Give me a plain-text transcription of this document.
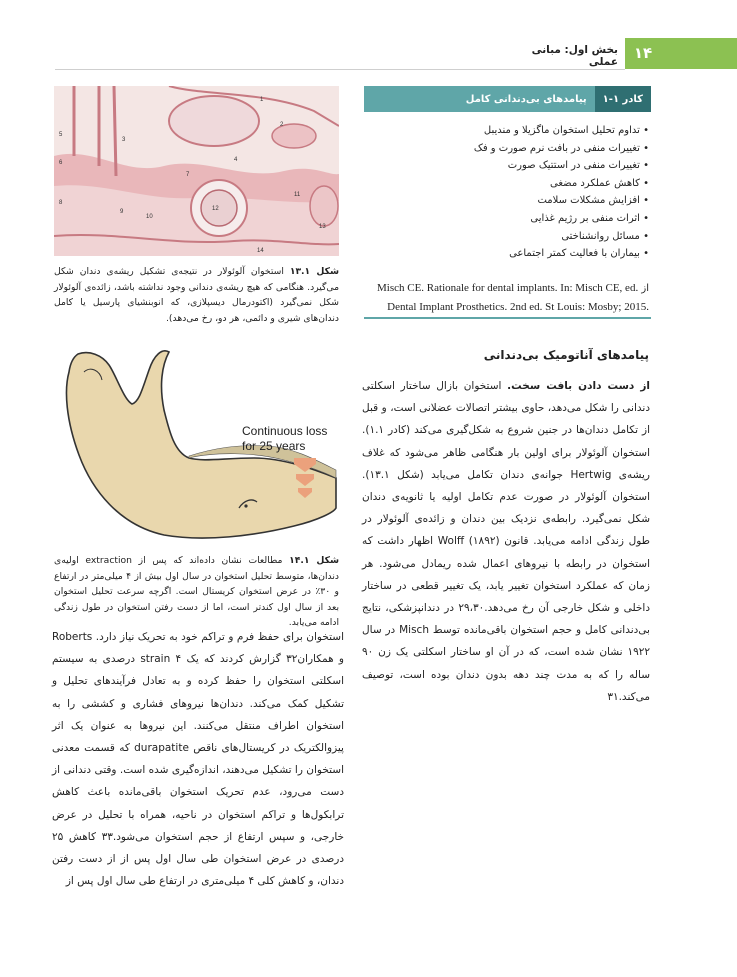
۱۴
بخش اول: مبانی عملی
کادر ۱-۱
پیامدهای بی‌دندانی کامل
• تداوم تحلیل استخوان ماگزیلا و مندیبل
• تغییرات منفی در بافت نرم صورت و فک
• تغییرات منفی در استتیک صورت
• کاهش عملکرد مضغی
• افزایش مشکلات سلامت
• اثرات منفی بر رژیم غذایی
• مسائل روانشناختی
• بیماران با فعالیت کمتر اجتماعی
از Misch CE. Rationale for dental implants. In: Misch CE, ed. Dental Implant Prosthetics. 2nd ed. St Louis: Mosby; 2015.
پیامدهای آناتومیک بی‌دندانی
از دست دادن بافت سخت. استخوان بازال ساختار اسکلتی دندانی را شکل می‌دهد، حاوی بیشتر اتصالات عضلانی است، و قبل از تکامل دندان‌ها در جنین شروع به شکل‌گیری می‌کند (کادر ۱.۱). استخوان آلوئولار برای اولین بار هنگامی ظاهر می‌شود که غلاف ریشه‌ی Hertwig جوانه‌ی دندان تکامل می‌یابد (شکل ۱۳.۱). استخوان آلوئولار در صورت عدم تکامل اولیه یا ثانویه‌ی دندان شکل نمی‌گیرد. رابطه‌ی نزدیک بین دندان و زائده‌ی آلوئولار در طول زندگی ادامه می‌یابد. قانون Wolff (۱۸۹۲) اظهار داشت که استخوان در رابطه با نیروهای اعمال شده ریمادل می‌شود. هر زمان که عملکرد استخوان تغییر یابد، یک تغییر قطعی در ساختار داخلی و شکل خارجی آن رخ می‌دهد.۲۹،۳۰ در دندانپزشکی، نتایج بی‌دندانی کامل و حجم استخوان باقی‌مانده توسط Misch در سال ۱۹۲۲ نشان شده است، که در آن او ساختار اسکلتی یک زن ۹۰ ساله را که به مدت چند دهه بدون دندان بوده است، توصیف می‌کند.۳۱
1
2
3
4
5
6
7
8
9
10
11
12
13
14
شکل ۱۳.۱ استخوان آلوئولار در نتیجه‌ی تشکیل ریشه‌ی دندان شکل می‌گیرد. هنگامی که هیچ ریشه‌ی دندانی وجود نداشته باشد، زائده‌ی آلوئولار شکل نمی‌گیرد (اکتودرمال دیسپلازی، که انوبنشیای پارسیل یا کامل دندان‌های شیری و دائمی، هر دو، رخ می‌دهد).
Continuous loss
for 25 years
شکل ۱۴.۱ مطالعات نشان داده‌اند که پس از extraction اولیه‌ی دندان‌ها، متوسط تحلیل استخوان در سال اول بیش از ۴ میلی‌متر در ارتفاع و ۳۰٪ در عرض استخوان کریستال است. اگرچه سرعت تحلیل استخوان بعد از سال اول کندتر است، اما از دست رفتن استخوان در طول زندگی ادامه می‌یابد.
استخوان برای حفظ فرم و تراکم خود به تحریک نیاز دارد. Roberts و همکاران۳۲ گزارش کردند که یک strain ۴ درصدی به سیستم اسکلتی استخوان را حفظ کرده و به تعادل فرآیندهای تحلیل و تشکیل کمک می‌کند. دندان‌ها نیروهای فشاری و کششی را به استخوان اطراف منتقل می‌کنند. این نیروها به عنوان یک اثر پیزوالکتریک در کریستال‌های ناقص durapatite که قسمت معدنی استخوان را تشکیل می‌دهند، اندازه‌گیری شده است. وقتی دندانی از دست می‌رود، عدم تحریک استخوان باقی‌مانده باعث کاهش ترابکول‌ها و تراکم استخوان در ناحیه، همراه با تحلیل در عرض خارجی، و سپس ارتفاع از حجم استخوان می‌شود.۳۳ کاهش ۲۵ درصدی در عرض استخوان طی سال اول پس از از دست رفتن دندان، و کاهش کلی ۴ میلی‌متری در ارتفاع طی سال اول پس از
